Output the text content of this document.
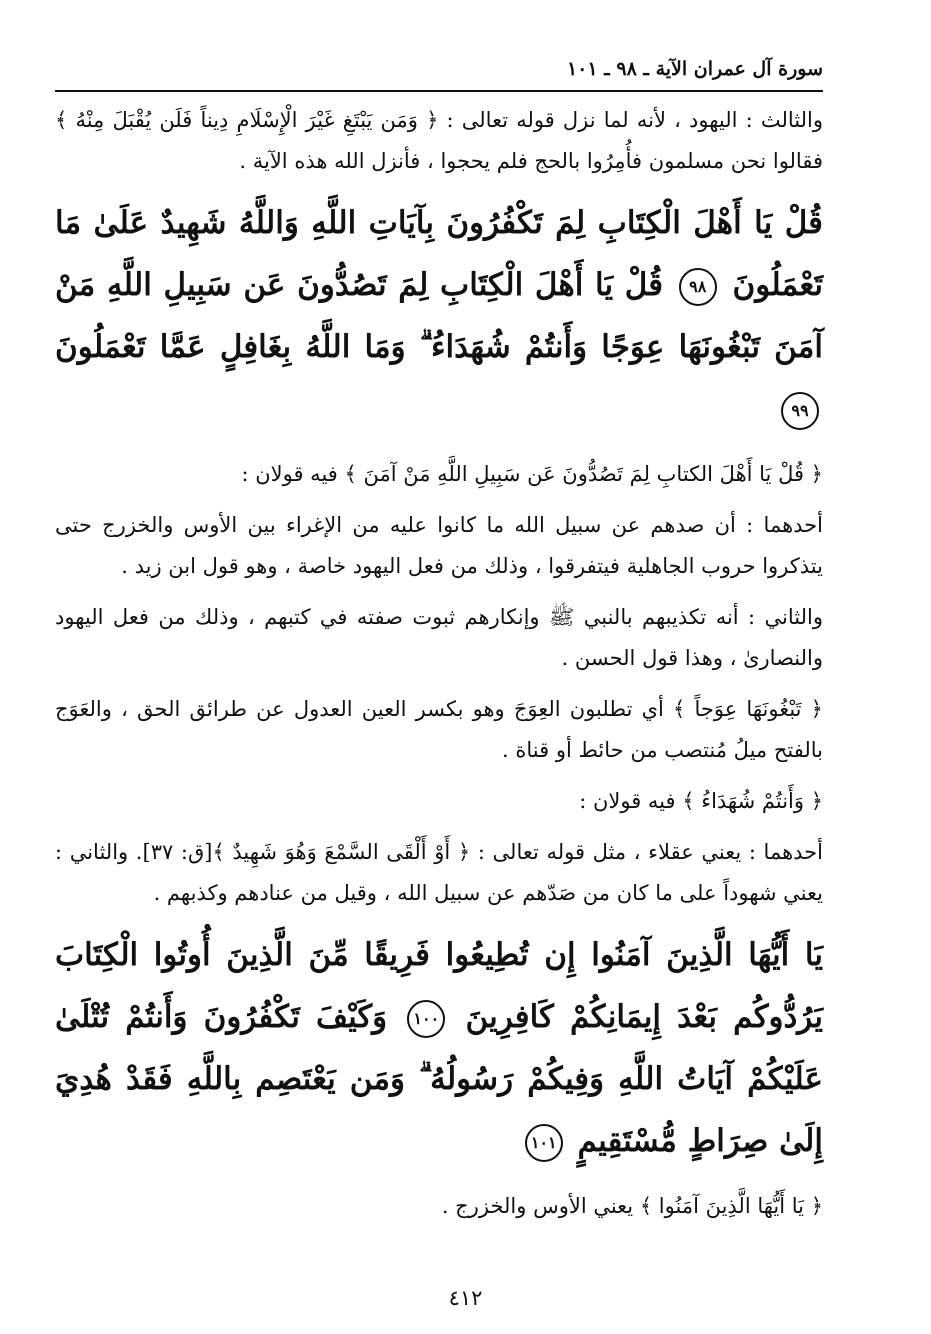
سورة آل عمران الآية ـ ٩٨ ـ ١٠١

والثالث : اليهود ، لأنه لما نزل قوله تعالى : ﴿ وَمَن يَبْتَغِ غَيْرَ الْإِسْلَامِ دِيناً فَلَن يُقْبَلَ مِنْهُ ﴾ فقالوا نحن مسلمون فأُمِرُوا بالحج فلم يحجوا ، فأنزل الله هذه الآية .

قُلْ يَا أَهْلَ الْكِتَابِ لِمَ تَكْفُرُونَ بِآيَاتِ اللَّهِ وَاللَّهُ شَهِيدٌ عَلَىٰ مَا تَعْمَلُونَ ٩٨ قُلْ يَا أَهْلَ الْكِتَابِ لِمَ تَصُدُّونَ عَن سَبِيلِ اللَّهِ مَنْ آمَنَ تَبْغُونَهَا عِوَجًا وَأَنتُمْ شُهَدَاءُ ۗ وَمَا اللَّهُ بِغَافِلٍ عَمَّا تَعْمَلُونَ ٩٩

﴿ قُلْ يَا أَهْلَ الكتابِ لِمَ تَصُدُّونَ عَن سَبِيلِ اللَّهِ مَنْ آمَنَ ﴾ فيه قولان :

أحدهما : أن صدهم عن سبيل الله ما كانوا عليه من الإغراء بين الأوس والخزرج حتى يتذكروا حروب الجاهلية فيتفرقوا ، وذلك من فعل اليهود خاصة ، وهو قول ابن زيد .

والثاني : أنه تكذيبهم بالنبي ﷺ وإنكارهم ثبوت صفته في كتبهم ، وذلك من فعل اليهود والنصارىٰ ، وهذا قول الحسن .

﴿ تَبْغُونَهَا عِوَجاً ﴾ أي تطلبون العِوَجَ وهو بكسر العين العدول عن طرائق الحق ، والعَوَج بالفتح ميلُ مُنتصب من حائط أو قناة .

﴿ وَأَنتُمْ شُهَدَاءُ ﴾ فيه قولان :

أحدهما : يعني عقلاء ، مثل قوله تعالى : ﴿ أَوْ أَلْقَى السَّمْعَ وَهُوَ شَهِيدٌ ﴾[ق: ٣٧]. والثاني : يعني شهوداً على ما كان من صَدّهم عن سبيل الله ، وقيل من عنادهم وكذبهم .

يَا أَيُّهَا الَّذِينَ آمَنُوا إِن تُطِيعُوا فَرِيقًا مِّنَ الَّذِينَ أُوتُوا الْكِتَابَ يَرُدُّوكُم بَعْدَ إِيمَانِكُمْ كَافِرِينَ ١٠٠ وَكَيْفَ تَكْفُرُونَ وَأَنتُمْ تُتْلَىٰ عَلَيْكُمْ آيَاتُ اللَّهِ وَفِيكُمْ رَسُولُهُ ۗ وَمَن يَعْتَصِم بِاللَّهِ فَقَدْ هُدِيَ إِلَىٰ صِرَاطٍ مُّسْتَقِيمٍ ١٠١

﴿ يَا أَيُّهَا الَّذِينَ آمَنُوا ﴾ يعني الأوس والخزرج .

٤١٢
